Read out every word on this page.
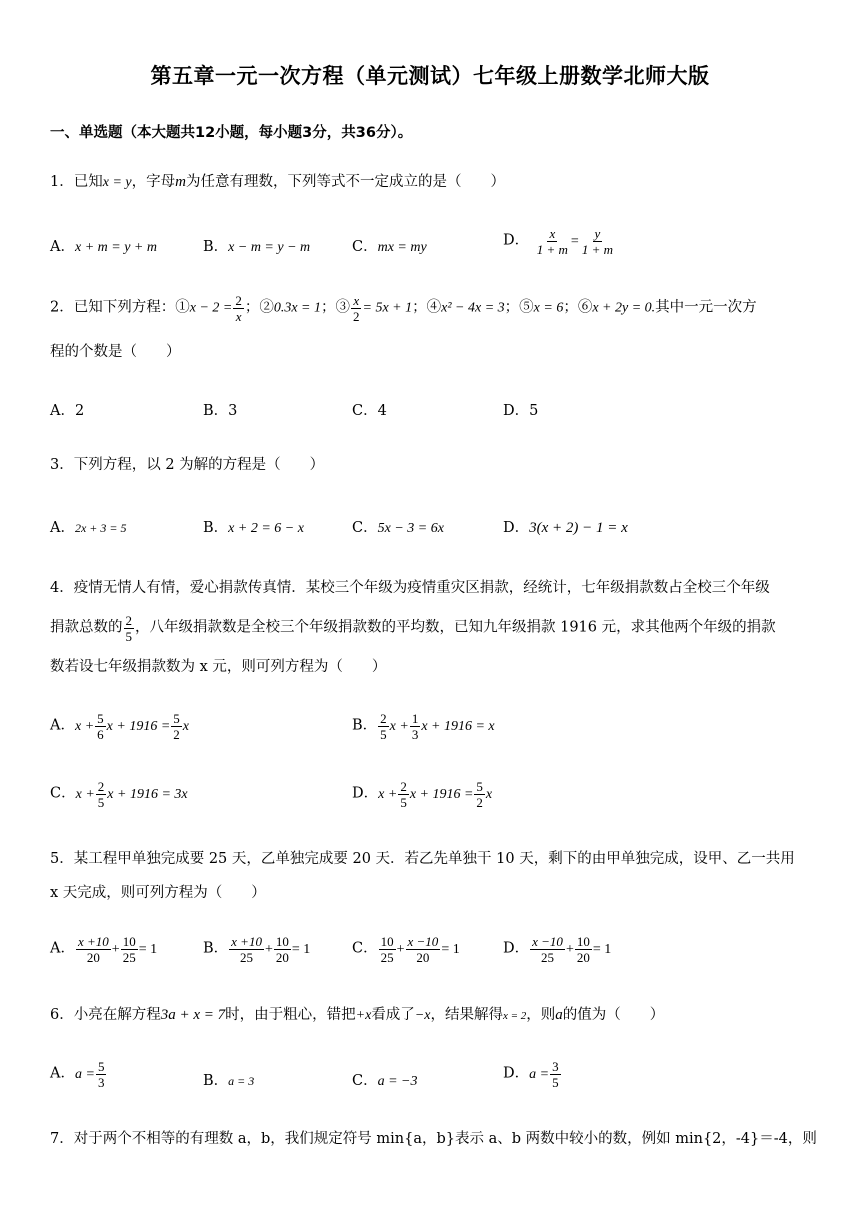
第五章一元一次方程（单元测试）七年级上册数学北师大版
一、单选题（本大题共12小题，每小题3分，共36分）。
1．已知x = y，字母m为任意有理数，下列等式不一定成立的是（　　）
A．x + m = y + m	B．x − m = y − m	C．mx = my	D． $\frac{x}{1 + m} = \frac{y}{1 + m}$
2．已知下列方程：①x − $2 = \frac{2}{x}$ ；②0.3x = 1；③ $\frac{x}{2} = 5x + 1$；④x² − 4x = 3；⑤x = 6；⑥x + 2y = 0.其中一元一次方
程的个数是（　　）
A．2	B．3	C．4	D．5
3．下列方程，以 2 为解的方程是（　　）
A．2x + 3 = 5	B．x + 2 = 6 − x	C．5x − 3 = 6x	D．3(x + 2) − 1 = x
4．疫情无情人有情，爱心捐款传真情．某校三个年级为疫情重灾区捐款，经统计，七年级捐款数占全校三个年级
捐款总数的 $\frac{2}{5}$ ，八年级捐款数是全校三个年级捐款数的平均数，已知九年级捐款 1916 元，求其他两个年级的捐款
数若设七年级捐款数为 x 元，则可列方程为（　　）
A．$x + \frac{5}{6}$ $x + 1916 = \frac{5}{2}$ x	B． $\frac{2}{5}$ $x + \frac{1}{3}$ x + 1916 = x
C．$x + \frac{2}{5}$ x + 1916 = 3x	D．$x + \frac{2}{5}$ $x + 1916 = \frac{5}{2}$ x
5．某工程甲单独完成要 25 天，乙单独完成要 20 天．若乙先单独干 10 天，剩下的由甲单独完成，设甲、乙一共用
x 天完成，则可列方程为（　　）
A． $\frac{x +10}{20} + \frac{10}{25} = 1$	B． $\frac{x +10}{25} + \frac{10}{20} = 1$	C． $\frac{10}{25} + \frac{x -10}{20} = 1$	D． $\frac{x -10}{25} + \frac{10}{20} = 1$
6．小亮在解方程3a + x = 7时，由于粗心，错把+x看成了−x，结果解得x = 2，则a的值为（　　）
A．$a = \frac{5}{3}$	B．a = 3	C．a = −3	D．$a = \frac{3}{5}$
7．对于两个不相等的有理数 a，b，我们规定符号 min{a，b}表示 a、b 两数中较小的数，例如 min{2，-4}＝-4，则
